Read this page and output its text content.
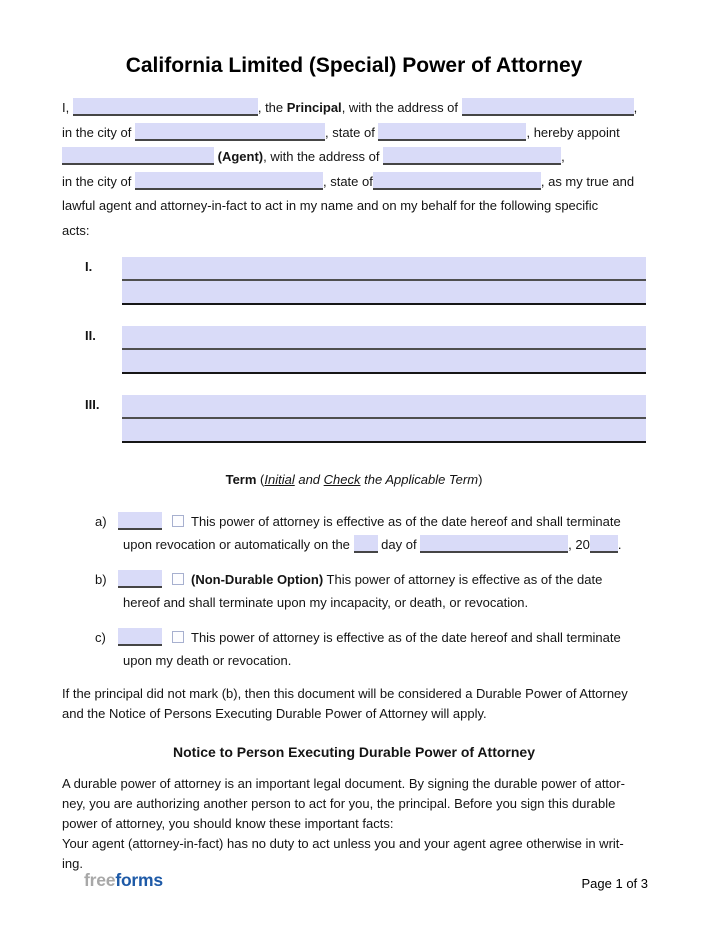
California Limited (Special) Power of Attorney
I,	, the Principal, with the address of	,
in the city of	, state of	, hereby appoint
(Agent), with the address of	,
in the city of	, state of	, as my true and
lawful agent and attorney-in-fact to act in my name and on my behalf for the following specific
acts:
I.
II.
III.
Term (Initial and Check the Applicable Term)
a)	This power of attorney is effective as of the date hereof and shall terminate
upon revocation or automatically on the  day of	, 20 .
b)	(Non-Durable Option) This power of attorney is effective as of the date
hereof and shall terminate upon my incapacity, or death, or revocation.
c)	This power of attorney is effective as of the date hereof and shall terminate
upon my death or revocation.
If the principal did not mark (b), then this document will be considered a Durable Power of Attorney
and the Notice of Persons Executing Durable Power of Attorney will apply.
Notice to Person Executing Durable Power of Attorney
A durable power of attorney is an important legal document. By signing the durable power of attor-
ney, you are authorizing another person to act for you, the principal. Before you sign this durable
power of attorney, you should know these important facts:
Your agent (attorney-in-fact) has no duty to act unless you and your agent agree otherwise in writ-
ing.
freeforms	Page 1 of 3
